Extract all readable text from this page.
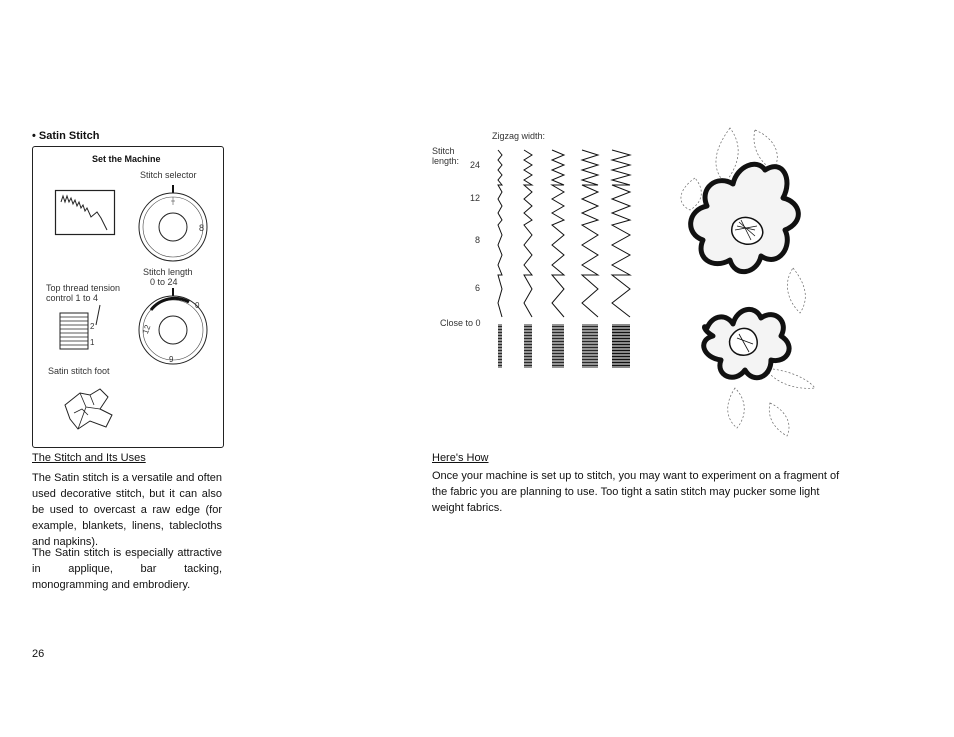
• Satin Stitch
Set the Machine
Stitch selector
8
Stitch length
0 to 24
0
12
9
Top thread tension
control 1 to 4
2
1
Satin stitch foot
The Stitch and Its Uses
The Satin stitch is a versatile and often used decorative stitch, but it can also be used to overcast a raw edge (for example, blankets, linens, tablecloths and napkins).
The Satin stitch is especially attractive in applique, bar tacking, monogramming and embrodiery.
26
Zigzag width:
Stitch
length: 24
12
8
6
Close to 0
Here's How
Once your machine is set up to stitch, you may want to experiment on a fragment of the fabric you are planning to use. Too tight a satin stitch may pucker some light weight fabrics.
